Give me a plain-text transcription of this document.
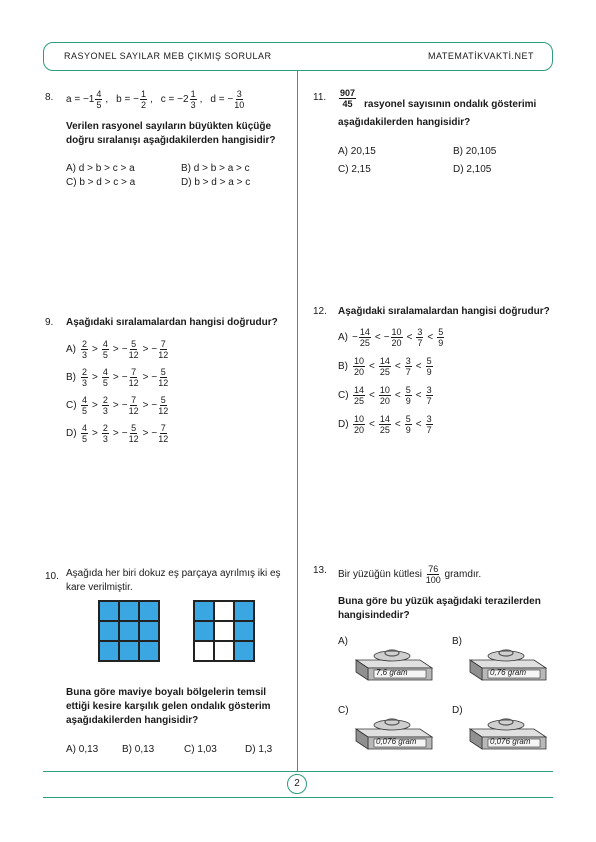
RASYONEL SAYILAR MEB ÇIKMIŞ SORULAR	MATEMATİKVAKTİ.NET
2
8. $a = -1 \frac{4}{5}$ , b = − $\frac{1}{2}$ , $c = -2 \frac{1}{3}$ , d = − $\frac{3}{10}$
Verilen rasyonel sayıların büyükten küçüğe doğru sıralanışı aşağıdakilerden hangisidir?
A) d > b > c > a	B) d > b > a > c
C) b > d > c > a	D) b > d > a > c
9. Aşağıdaki sıralamalardan hangisi doğrudur?
$A) \frac{2}{3} > \frac{4}{5}$ > − $\frac{5}{12}$ > − $\frac{7}{12}$
$B) \frac{2}{3} > \frac{4}{5}$ > − $\frac{7}{12}$ > − $\frac{5}{12}$
$C) \frac{4}{5} > \frac{2}{3}$ > − $\frac{7}{12}$ > − $\frac{5}{12}$
$D) \frac{4}{5} > \frac{2}{3}$ > − $\frac{5}{12}$ > − $\frac{7}{12}$
10. Aşağıda her biri dokuz eş parçaya ayrılmış iki eş kare verilmiştir.
Buna göre maviye boyalı bölgelerin temsil ettiği kesire karşılık gelen ondalık gösterim aşağıdakilerden hangisidir?
A) 0,13 B) 0,13	C) 1,03	D) 1,3
11. $\frac{907}{45}$ rasyonel sayısının ondalık gösterimi aşağıdakilerden hangisidir?
A) 20,15	B) 20,105
C) 2,15	D) 2,105
12. Aşağıdaki sıralamalardan hangisi doğrudur?
$A) - \frac{14}{25}$ < − $\frac{10}{20} < \frac{3}{7} < \frac{5}{9}$
$B) \frac{10}{20} < \frac{14}{25} < \frac{3}{7} < \frac{5}{9}$
$C) \frac{14}{25} < \frac{10}{20} < \frac{5}{9} < \frac{3}{7}$
$D) \frac{10}{20} < \frac{14}{25} < \frac{5}{9} < \frac{3}{7}$
13. Bir yüzüğün kütlesi
$\frac{76}{100}$
gramdır.
Buna göre bu yüzük aşağıdaki terazilerden hangisindedir?
A)
7,6 gram
B)
0,76 gram
C)
0,076 gram
D)
0,076 gram
